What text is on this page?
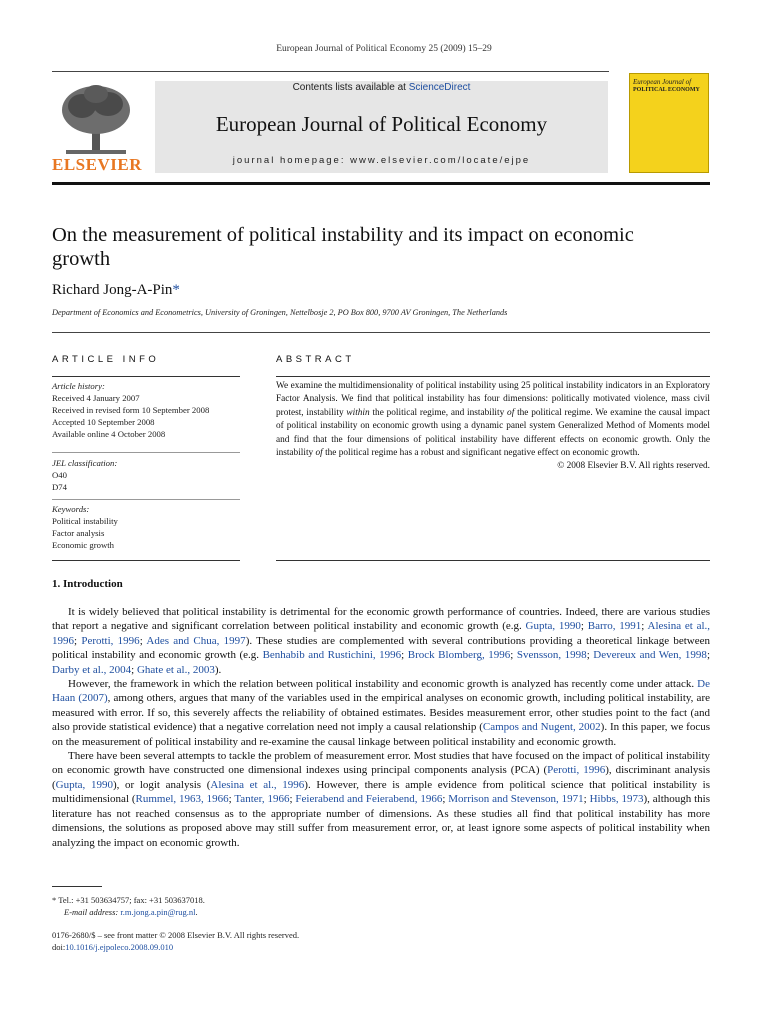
European Journal of Political Economy 25 (2009) 15–29
ELSEVIER
Contents lists available at ScienceDirect
European Journal of Political Economy
journal homepage: www.elsevier.com/locate/ejpe
European Journal of
POLITICAL ECONOMY
On the measurement of political instability and its impact on economic growth
Richard Jong-A-Pin*
Department of Economics and Econometrics, University of Groningen, Nettelbosje 2, PO Box 800, 9700 AV Groningen, The Netherlands
ARTICLE INFO
Article history:
Received 4 January 2007
Received in revised form 10 September 2008
Accepted 10 September 2008
Available online 4 October 2008
JEL classification:
O40
D74
Keywords:
Political instability
Factor analysis
Economic growth
ABSTRACT
We examine the multidimensionality of political instability using 25 political instability indicators in an Exploratory Factor Analysis. We find that political instability has four dimensions: politically motivated violence, mass civil protest, instability within the political regime, and instability of the political regime. We examine the causal impact of political instability on economic growth using a dynamic panel system Generalized Method of Moments model and find that the four dimensions of political instability have different effects on economic growth. Only the instability of the political regime has a robust and significant negative effect on economic growth.
© 2008 Elsevier B.V. All rights reserved.
1. Introduction

It is widely believed that political instability is detrimental for the economic growth performance of countries. Indeed, there are various studies that report a negative and significant correlation between political instability and economic growth (e.g. Gupta, 1990; Barro, 1991; Alesina et al., 1996; Perotti, 1996; Ades and Chua, 1997). These studies are complemented with several contributions providing a theoretical linkage between political instability and economic growth (e.g. Benhabib and Rustichini, 1996; Brock Blomberg, 1996; Svensson, 1998; Devereux and Wen, 1998; Darby et al., 2004; Ghate et al., 2003).

However, the framework in which the relation between political instability and economic growth is analyzed has recently come under attack. De Haan (2007), among others, argues that many of the variables used in the empirical analyses on economic growth, including political instability, are measured with error. If so, this severely affects the reliability of obtained estimates. Besides measurement error, other studies point to the fact (and also provide statistical evidence) that a negative correlation need not imply a causal relationship (Campos and Nugent, 2002). In this paper, we focus on the measurement of political instability and re-examine the causal linkage between political instability and economic growth.

There have been several attempts to tackle the problem of measurement error. Most studies that have focused on the impact of political instability on economic growth have constructed one dimensional indexes using principal components analysis (PCA) (Perotti, 1996), discriminant analysis (Gupta, 1990), or logit analysis (Alesina et al., 1996). However, there is ample evidence from political science that political instability is multidimensional (Rummel, 1963, 1966; Tanter, 1966; Feierabend and Feierabend, 1966; Morrison and Stevenson, 1971; Hibbs, 1973), although this literature has not reached consensus as to the appropriate number of dimensions. As these studies all find that political instability has more dimensions, the solutions as proposed above may still suffer from measurement error, or, at least ignore some aspects of political instability when analyzing the impact on economic growth.

* Tel.: +31 503634757; fax: +31 503637018.
E-mail address: r.m.jong.a.pin@rug.nl.
0176-2680/$ – see front matter © 2008 Elsevier B.V. All rights reserved.
doi:10.1016/j.ejpoleco.2008.09.010
